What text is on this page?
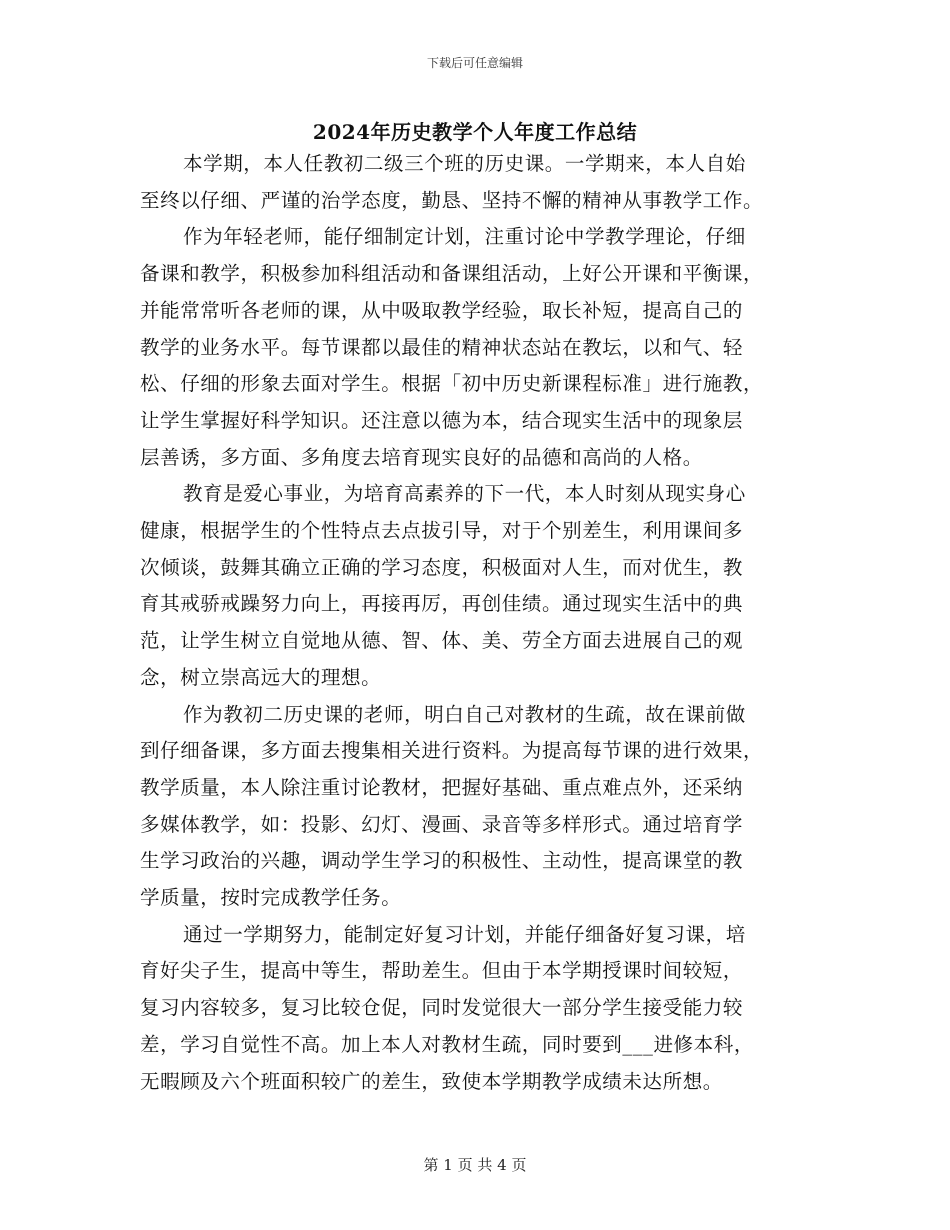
下载后可任意编辑
2024年历史教学个人年度工作总结
本学期，本人任教初二级三个班的历史课。一学期来，本人自始
至终以仔细、严谨的治学态度，勤恳、坚持不懈的精神从事教学工作。
作为年轻老师，能仔细制定计划，注重讨论中学教学理论，仔细
备课和教学，积极参加科组活动和备课组活动，上好公开课和平衡课，
并能常常听各老师的课，从中吸取教学经验，取长补短，提高自己的
教学的业务水平。每节课都以最佳的精神状态站在教坛，以和气、轻
松、仔细的形象去面对学生。根据「初中历史新课程标准」进行施教，
让学生掌握好科学知识。还注意以德为本，结合现实生活中的现象层
层善诱，多方面、多角度去培育现实良好的品德和高尚的人格。
教育是爱心事业，为培育高素养的下一代，本人时刻从现实身心
健康，根据学生的个性特点去点拔引导，对于个别差生，利用课间多
次倾谈，鼓舞其确立正确的学习态度，积极面对人生，而对优生，教
育其戒骄戒躁努力向上，再接再厉，再创佳绩。通过现实生活中的典
范，让学生树立自觉地从德、智、体、美、劳全方面去进展自己的观
念，树立崇高远大的理想。
作为教初二历史课的老师，明白自己对教材的生疏，故在课前做
到仔细备课，多方面去搜集相关进行资料。为提高每节课的进行效果，
教学质量，本人除注重讨论教材，把握好基础、重点难点外，还采纳
多媒体教学，如：投影、幻灯、漫画、录音等多样形式。通过培育学
生学习政治的兴趣，调动学生学习的积极性、主动性，提高课堂的教
学质量，按时完成教学任务。
通过一学期努力，能制定好复习计划，并能仔细备好复习课，培
育好尖子生，提高中等生，帮助差生。但由于本学期授课时间较短，
复习内容较多，复习比较仓促，同时发觉很大一部分学生接受能力较
差，学习自觉性不高。加上本人对教材生疏，同时要到___进修本科，
无暇顾及六个班面积较广的差生，致使本学期教学成绩未达所想。
第 1 页 共 4 页
